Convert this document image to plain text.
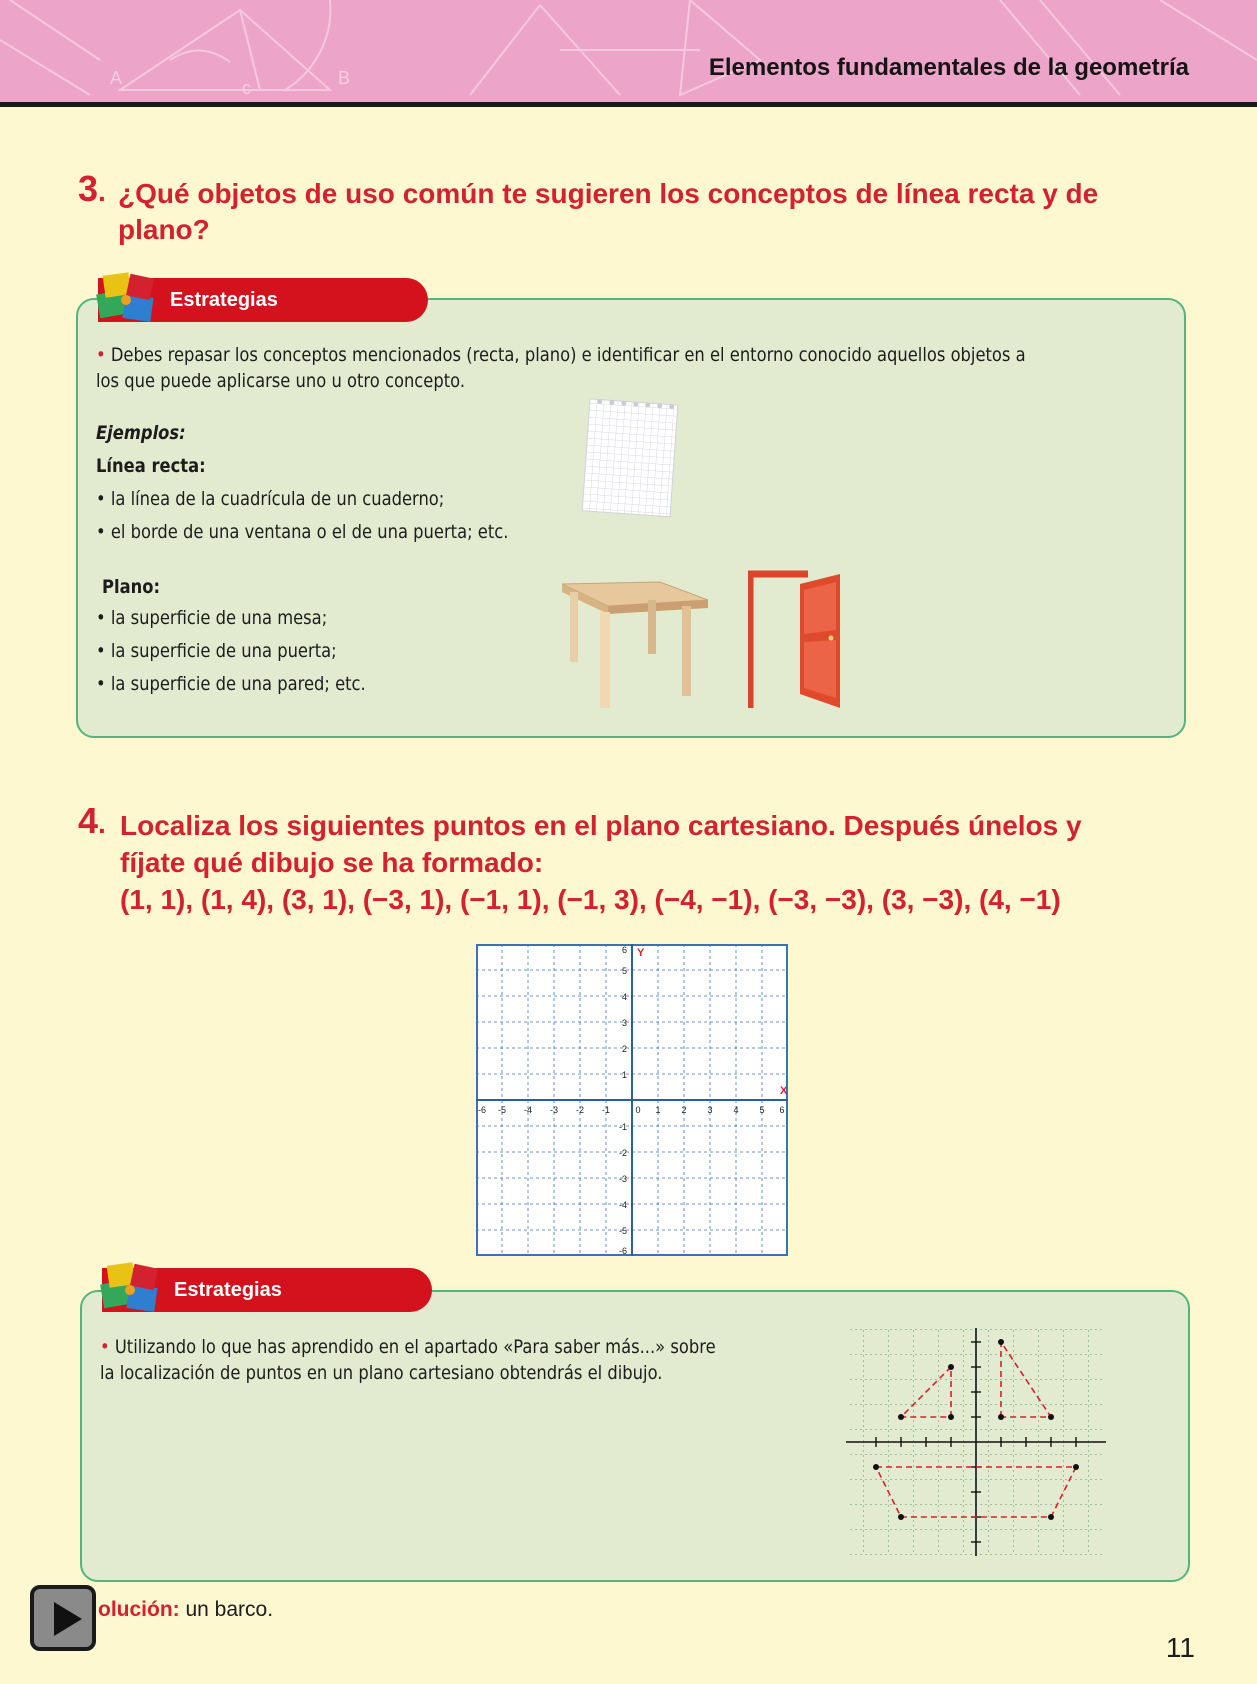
A	B
c
Elementos fundamentales de la geometría
3. ¿Qué objetos de uso común te sugieren los conceptos de línea recta y de
plano?
Estrategias
• Debes repasar los conceptos mencionados (recta, plano) e identificar en el entorno conocido aquellos objetos a
los que puede aplicarse uno u otro concepto.
Ejemplos:
Línea recta:
• la línea de la cuadrícula de un cuaderno;
• el borde de una ventana o el de una puerta; etc.
Plano:
• la superficie de una mesa;
• la superficie de una puerta;
• la superficie de una pared; etc.
4. Localiza los siguientes puntos en el plano cartesiano. Después únelos y
fíjate qué dibujo se ha formado:
(1, 1), (1, 4), (3, 1), (−3, 1), (−1, 1), (−1, 3), (−4, −1), (−3, −3), (3, −3), (4, −1)
-6 -5 -4 -3 -2 -1	0 1 2 3 4 5 6
6
5
4
3
2
1
-1
-2
-3
-4
-5
-6
X
Y
Estrategias
• Utilizando lo que has aprendido en el apartado «Para saber más...» sobre
la localización de puntos en un plano cartesiano obtendrás el dibujo.
olución: un barco.
11
